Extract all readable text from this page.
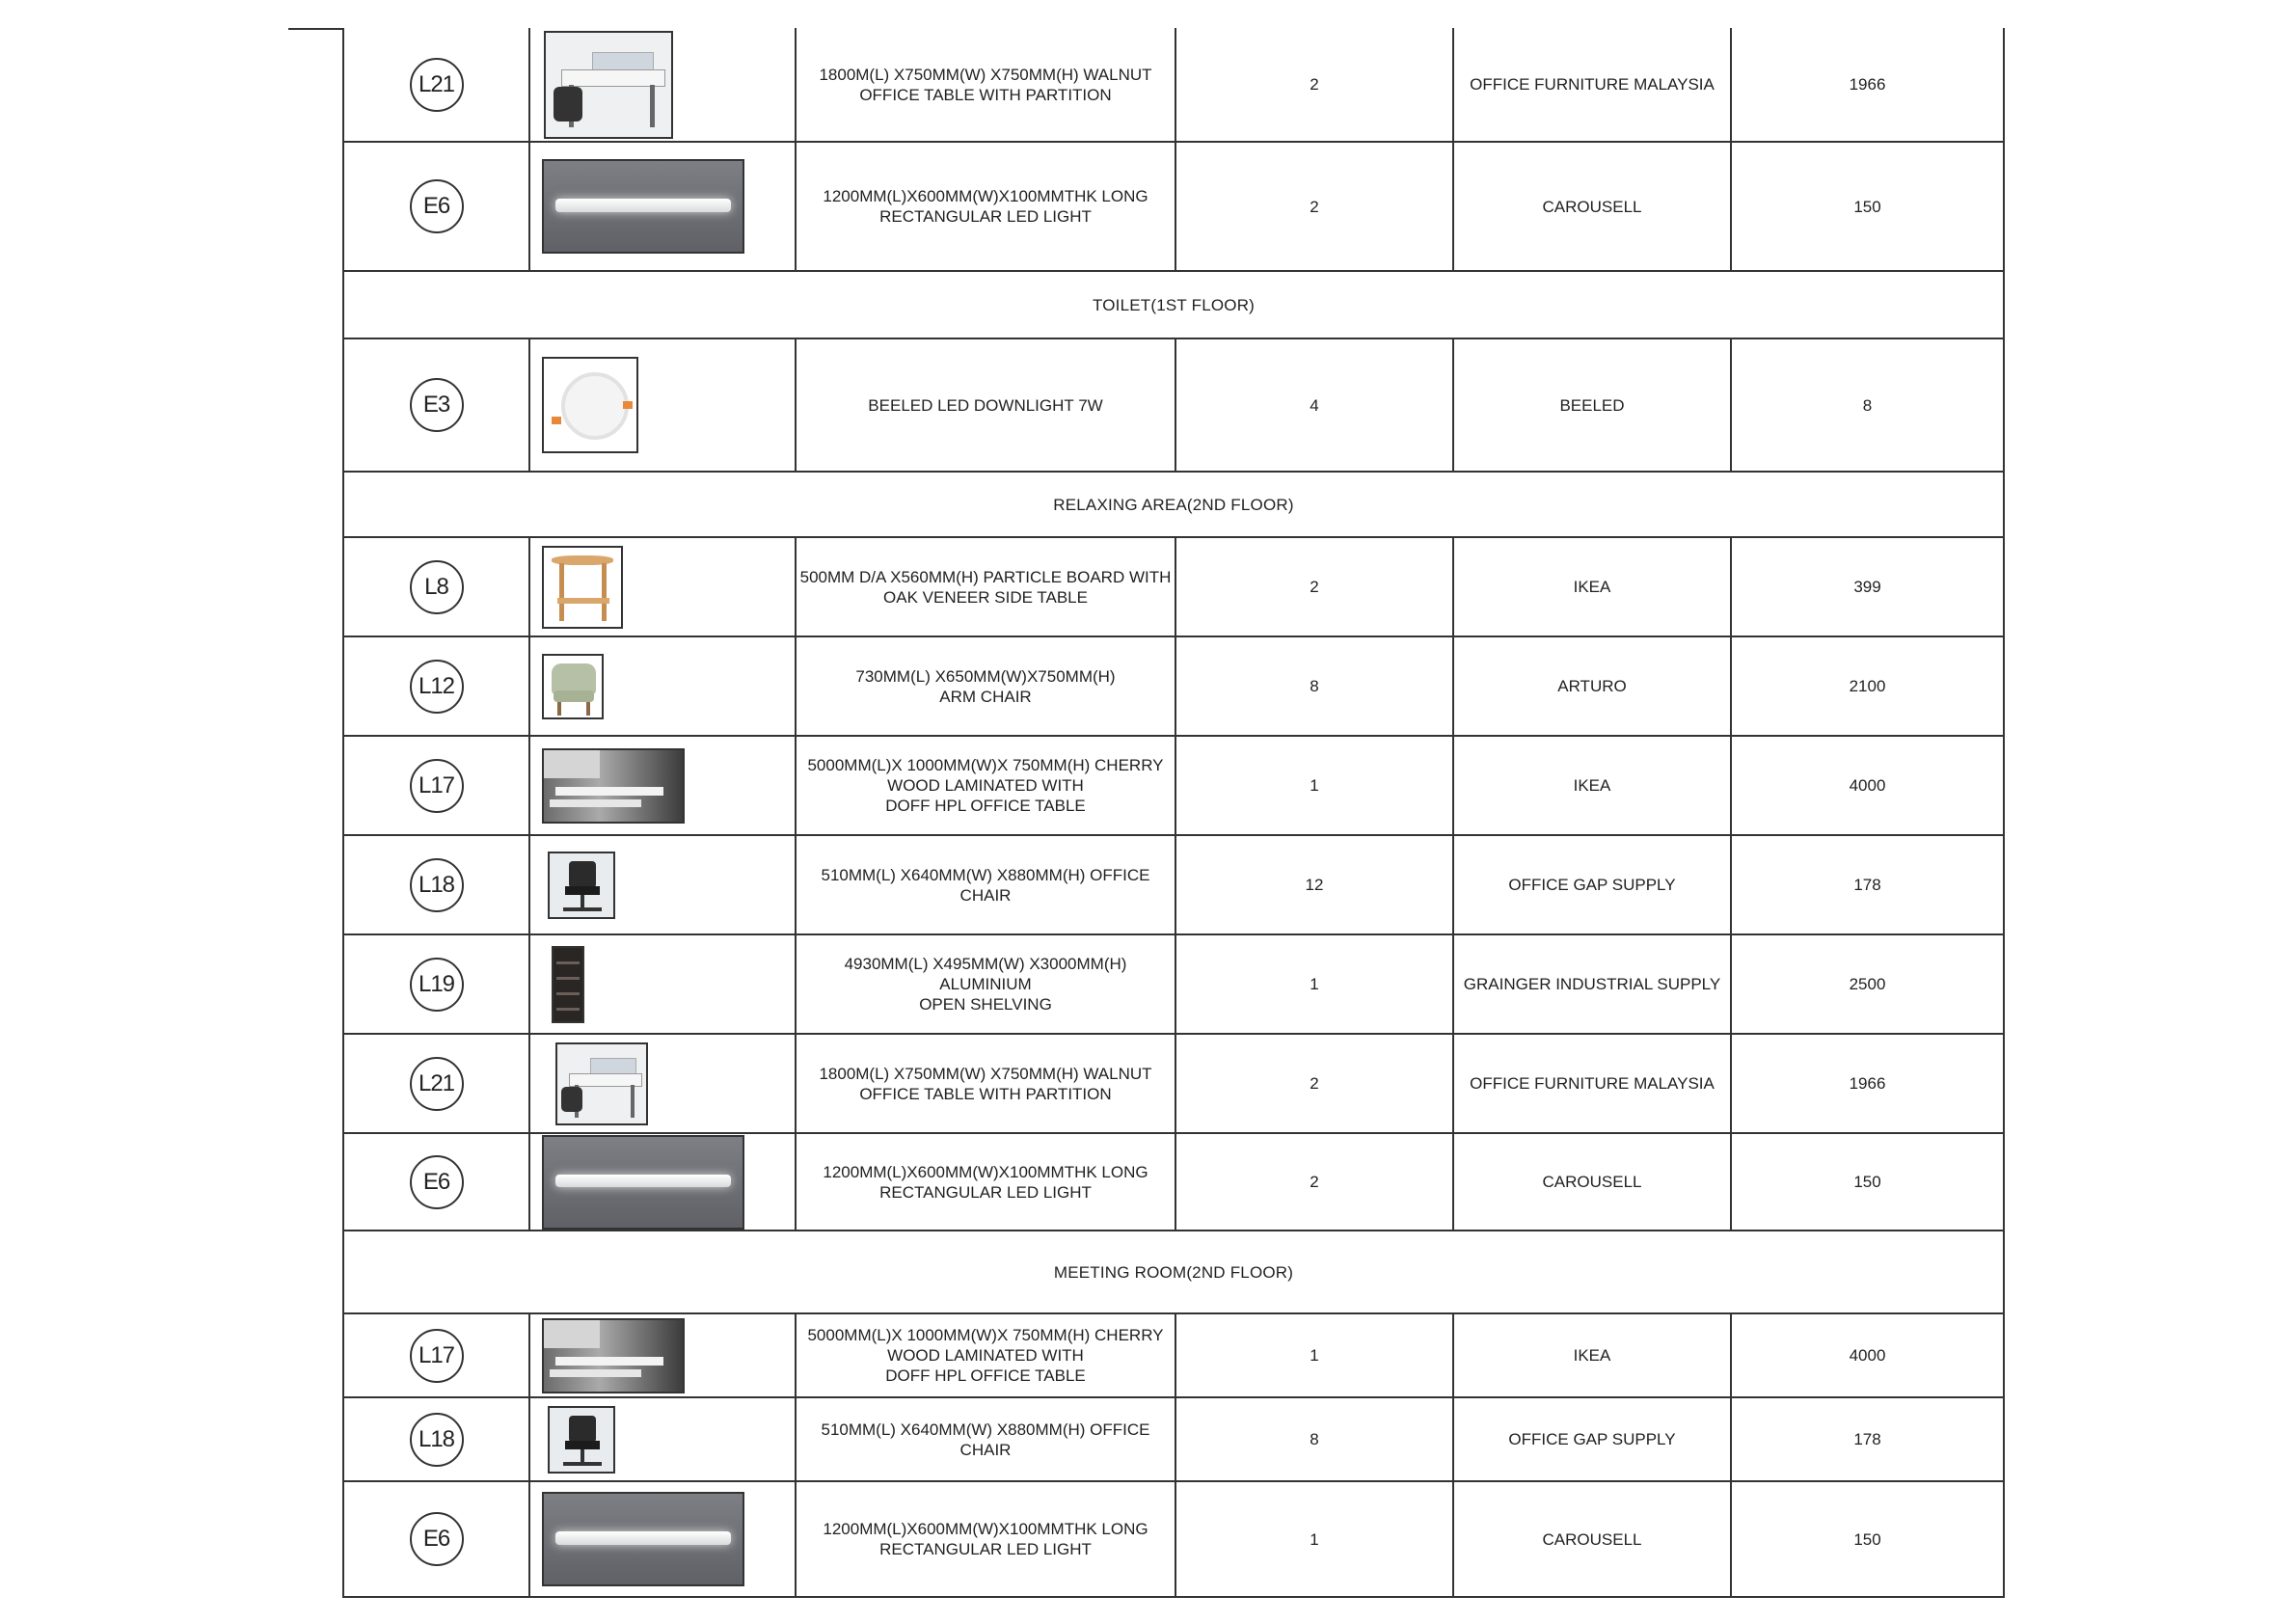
L21		1800M(L) X750MM(W) X750MM(H) WALNUT
OFFICE TABLE WITH PARTITION	2	OFFICE FURNITURE MALAYSIA	1966
E6		1200MM(L)X600MM(W)X100MMTHK LONG
RECTANGULAR LED LIGHT	2	CAROUSELL	150
TOILET(1ST FLOOR)					
E3		BEELED LED DOWNLIGHT 7W	4	BEELED	8
RELAXING AREA(2ND FLOOR)					
L8		500MM D/A X560MM(H) PARTICLE BOARD WITH
OAK VENEER SIDE TABLE	2	IKEA	399
L12		730MM(L) X650MM(W)X750MM(H)
ARM CHAIR	8	ARTURO	2100
L17		5000MM(L)X 1000MM(W)X 750MM(H) CHERRY
WOOD LAMINATED WITH
DOFF HPL OFFICE TABLE	1	IKEA	4000
L18		510MM(L) X640MM(W) X880MM(H) OFFICE
CHAIR	12	OFFICE GAP SUPPLY	178
L19		4930MM(L) X495MM(W) X3000MM(H) ALUMINIUM
OPEN SHELVING	1	GRAINGER INDUSTRIAL SUPPLY	2500
L21		1800M(L) X750MM(W) X750MM(H) WALNUT
OFFICE TABLE WITH PARTITION	2	OFFICE FURNITURE MALAYSIA	1966
E6		1200MM(L)X600MM(W)X100MMTHK LONG
RECTANGULAR LED LIGHT	2	CAROUSELL	150
MEETING ROOM(2ND FLOOR)					
L17		5000MM(L)X 1000MM(W)X 750MM(H) CHERRY
WOOD LAMINATED WITH
DOFF HPL OFFICE TABLE	1	IKEA	4000
L18		510MM(L) X640MM(W) X880MM(H) OFFICE
CHAIR	8	OFFICE GAP SUPPLY	178
E6		1200MM(L)X600MM(W)X100MMTHK LONG
RECTANGULAR LED LIGHT	1	CAROUSELL	150
